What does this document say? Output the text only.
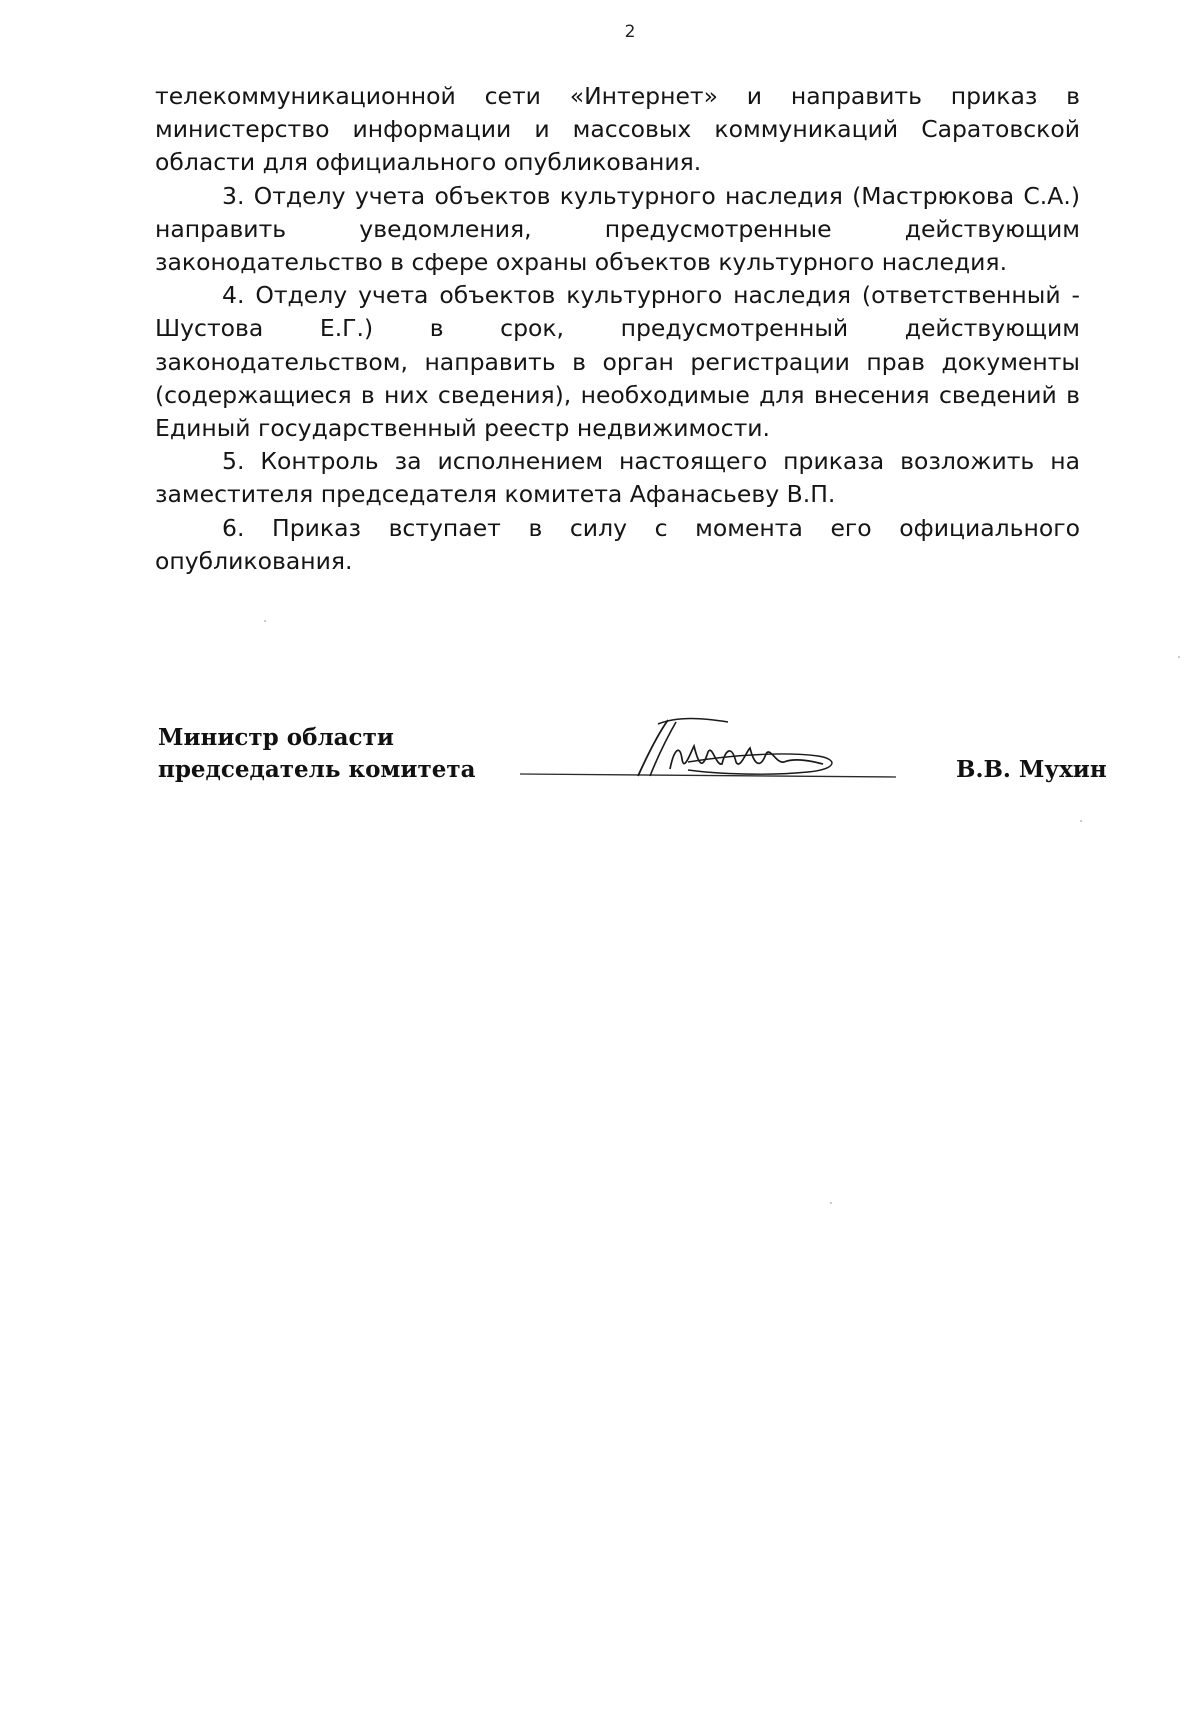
2

телекоммуникационной сети «Интернет» и направить приказ в министерство информации и массовых коммуникаций Саратовской области для официального опубликования.

3. Отделу учета объектов культурного наследия (Мастрюкова С.А.) направить уведомления, предусмотренные действующим законодательство в сфере охраны объектов культурного наследия.

4. Отделу учета объектов культурного наследия (ответственный - Шустова Е.Г.) в срок, предусмотренный действующим законодательством, направить в орган регистрации прав документы (содержащиеся в них сведения), необходимые для внесения сведений в Единый государственный реестр недвижимости.

5. Контроль за исполнением настоящего приказа возложить на заместителя председателя комитета Афанасьеву В.П.

6. Приказ вступает в силу с момента его официального опубликования.

Министр области
председатель комитета	В.В. Мухин
